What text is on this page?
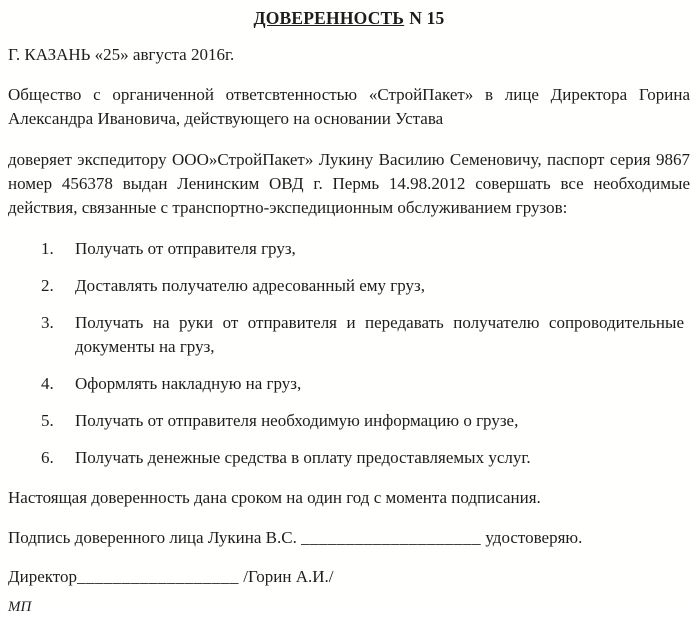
ДОВЕРЕННОСТЬ N 15
Г. КАЗАНЬ «25» августа 2016г.
Общество с органиченной ответсвтенностью «СтройПакет» в лице Директора Горина Александра Ивановича, действующего на основании Устава
доверяет экспедитору ООО»СтройПакет» Лукину Василию Семеновичу, паспорт серия 9867 номер 456378 выдан Ленинским ОВД г. Пермь 14.98.2012 совершать все необходимые действия, связанные с транспортно-экспедиционным обслуживанием грузов:
1.	Получать от отправителя груз,
2.	Доставлять получателю адресованный ему груз,
3.	Получать на руки от отправителя и передавать получателю сопроводительные документы на груз,
4.	Оформлять накладную на груз,
5.	Получать от отправителя необходимую информацию о грузе,
6.	Получать денежные средства в оплату предоставляемых услуг.
Настоящая доверенность дана сроком на один год с момента подписания.
Подпись доверенного лица Лукина В.С. ____________________ удостоверяю.
Директор__________________ /Горин А.И./
МП
